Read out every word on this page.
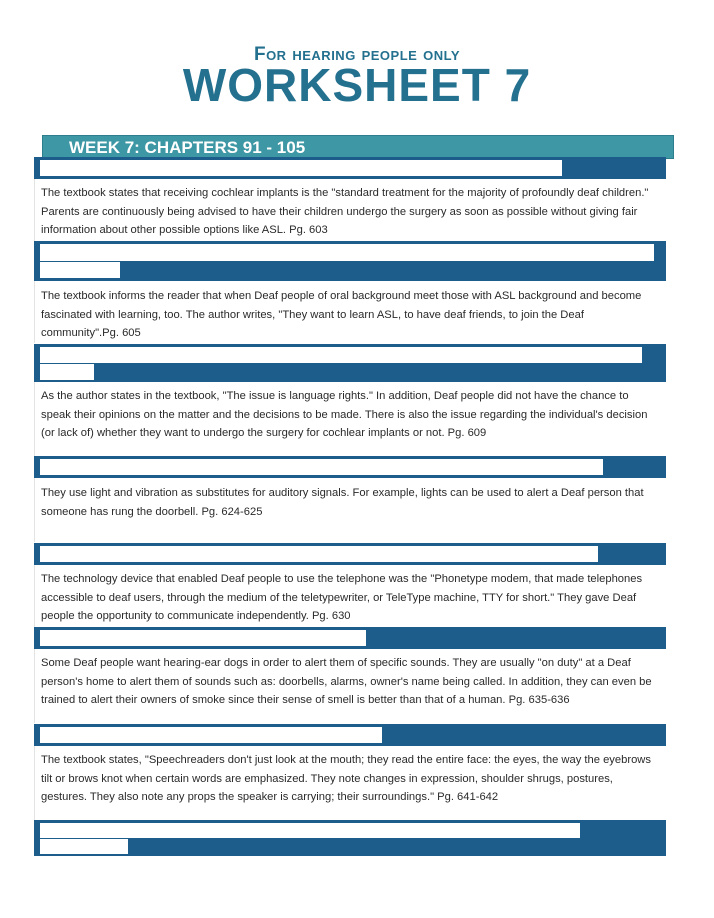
For hearing people only
WORKSHEET 7
WEEK 7: CHAPTERS 91 - 105
The textbook states that receiving cochlear implants is the "standard treatment for the majority of profoundly deaf children." Parents are continuously being advised to have their children undergo the surgery as soon as possible without giving fair information about other possible options like ASL. Pg. 603
The textbook informs the reader that when Deaf people of oral background meet those with ASL background and become fascinated with learning, too. The author writes, "They want to learn ASL, to have deaf friends, to join the Deaf community".Pg. 605
As the author states in the textbook, "The issue is language rights." In addition, Deaf people did not have the chance to speak their opinions on the matter and the decisions to be made. There is also the issue regarding the individual's decision (or lack of) whether they want to undergo the surgery for cochlear implants or not. Pg. 609
They use light and vibration as substitutes for auditory signals. For example, lights can be used to alert a Deaf person that someone has rung the doorbell. Pg. 624-625
The technology device that enabled Deaf people to use the telephone was the "Phonetype modem, that made telephones accessible to deaf users, through the medium of the teletypewriter, or TeleType machine, TTY for short." They gave Deaf people the opportunity to communicate independently. Pg. 630
Some Deaf people want hearing-ear dogs in order to alert them of specific sounds. They are usually "on duty" at a Deaf person's home to alert them of sounds such as: doorbells, alarms, owner's name being called. In addition, they can even be trained to alert their owners of smoke since their sense of smell is better than that of a human. Pg. 635-636
The textbook states, "Speechreaders don't just look at the mouth; they read the entire face: the eyes, the way the eyebrows tilt or brows knot when certain words are emphasized. They note changes in expression, shoulder shrugs, postures, gestures. They also note any props the speaker is carrying; their surroundings." Pg. 641-642
